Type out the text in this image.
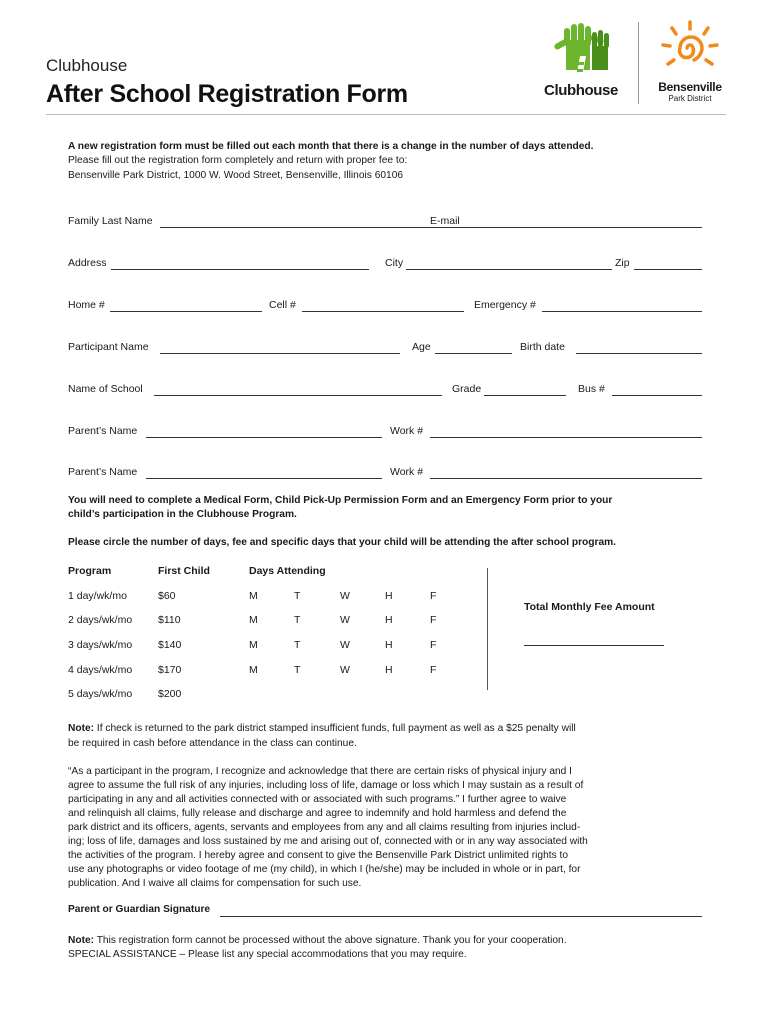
Clubhouse
After School Registration Form	Clubhouse	Bensenville
Park District
A new registration form must be filled out each month that there is a change in the number of days attended.
Please fill out the registration form completely and return with proper fee to:
Bensenville Park District, 1000 W. Wood Street, Bensenville, Illinois 60106
Family Last Name	E-mail
Address	City	Zip
Home #	Cell #	Emergency #
Participant Name	Age	Birth date
Name of School	Grade	Bus #
Parent’s Name	Work #
Parent’s Name	Work #
You will need to complete a Medical Form, Child Pick-Up Permission Form and an Emergency Form prior to your
child’s participation in the Clubhouse Program.
Please circle the number of days, fee and specific days that your child will be attending the after school program.
Program	First Child	Days Attending
1 day/wk/mo	$60	M	T	W	H	F
2 days/wk/mo $110	M	T	W	H	F
3 days/wk/mo $140	M	T	W	H	F
4 days/wk/mo $170	M	T	W	H	F
5 days/wk/mo $200
Total Monthly Fee Amount
Note: If check is returned to the park district stamped insufficient funds, full payment as well as a $25 penalty will
be required in cash before attendance in the class can continue.
“As a participant in the program, I recognize and acknowledge that there are certain risks of physical injury and I
agree to assume the full risk of any injuries, including loss of life, damage or loss which I may sustain as a result of
participating in any and all activities connected with or associated with such programs.” I further agree to waive
and relinquish all claims, fully release and discharge and agree to indemnify and hold harmless and defend the
park district and its officers, agents, servants and employees from any and all claims resulting from injuries includ-
ing; loss of life, damages and loss sustained by me and arising out of, connected with or in any way associated with
the activities of the program. I hereby agree and consent to give the Bensenville Park District unlimited rights to
use any photographs or video footage of me (my child), in which I (he/she) may be included in whole or in part, for
publication. And I waive all claims for compensation for such use.
Parent or Guardian Signature
Note: This registration form cannot be processed without the above signature. Thank you for your cooperation.
SPECIAL ASSISTANCE – Please list any special accommodations that you may require.
